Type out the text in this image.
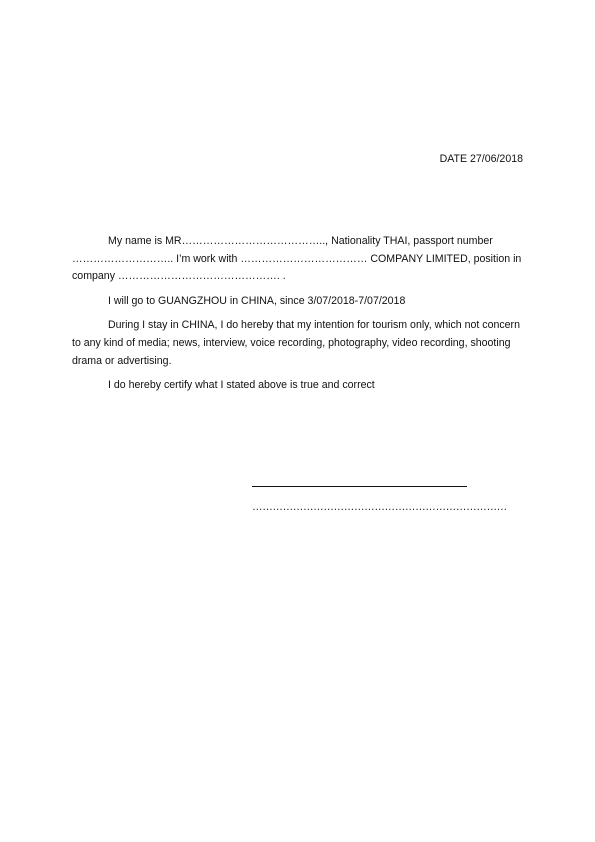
DATE 27/06/2018

My name is MR………………………………….., Nationality THAI, passport number ……………………….. I’m work with ……………………………… COMPANY LIMITED, position in company ………………………………………. .

I will go to GUANGZHOU in CHINA, since 3/07/2018-7/07/2018

During I stay in CHINA, I do hereby that my intention for tourism only, which not concern to any kind of media; news, interview, voice recording, photography, video recording, shooting drama or advertising.

I do hereby certify what I stated above is true and correct

…………………………………………………………………
